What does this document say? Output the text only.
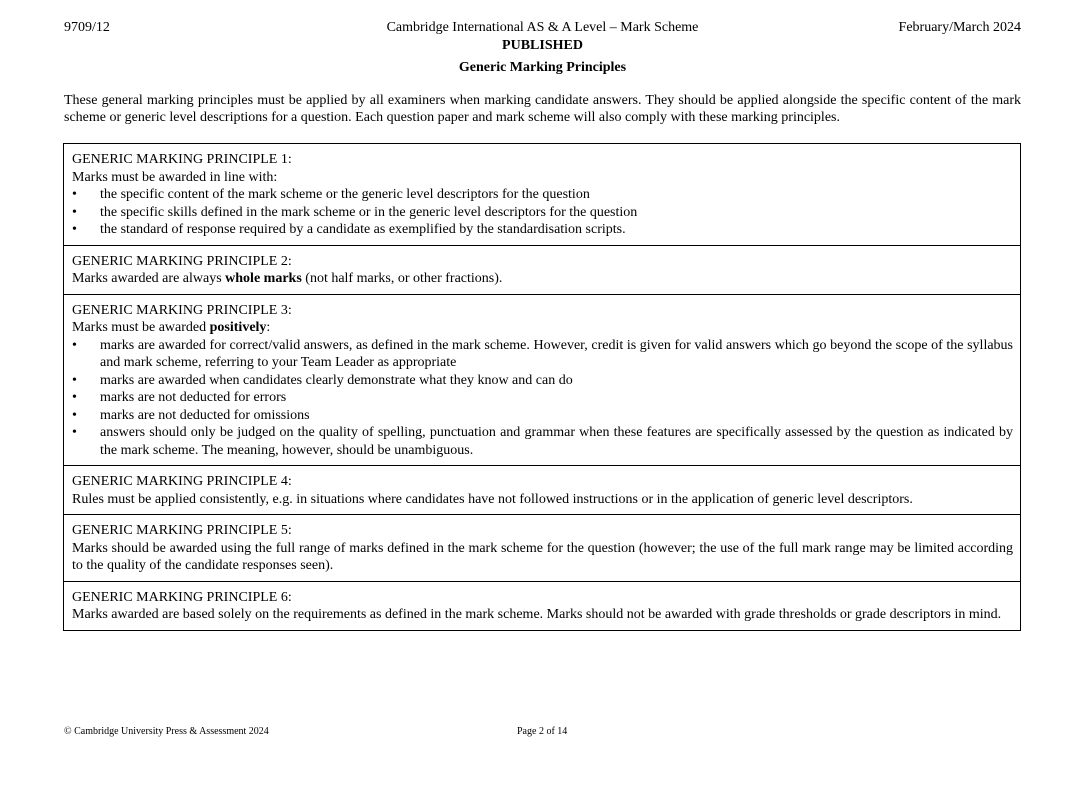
9709/12	Cambridge International AS & A Level – Mark Scheme	February/March 2024
PUBLISHED
Generic Marking Principles
These general marking principles must be applied by all examiners when marking candidate answers. They should be applied alongside the specific content of the mark scheme or generic level descriptions for a question. Each question paper and mark scheme will also comply with these marking principles.
GENERIC MARKING PRINCIPLE 1:
Marks must be awarded in line with:
• the specific content of the mark scheme or the generic level descriptors for the question
• the specific skills defined in the mark scheme or in the generic level descriptors for the question
• the standard of response required by a candidate as exemplified by the standardisation scripts.
GENERIC MARKING PRINCIPLE 2:
Marks awarded are always whole marks (not half marks, or other fractions).
GENERIC MARKING PRINCIPLE 3:
Marks must be awarded positively:
• marks are awarded for correct/valid answers, as defined in the mark scheme. However, credit is given for valid answers which go beyond the scope of the syllabus and mark scheme, referring to your Team Leader as appropriate
• marks are awarded when candidates clearly demonstrate what they know and can do
• marks are not deducted for errors
• marks are not deducted for omissions
• answers should only be judged on the quality of spelling, punctuation and grammar when these features are specifically assessed by the question as indicated by the mark scheme. The meaning, however, should be unambiguous.
GENERIC MARKING PRINCIPLE 4:
Rules must be applied consistently, e.g. in situations where candidates have not followed instructions or in the application of generic level descriptors.
GENERIC MARKING PRINCIPLE 5:
Marks should be awarded using the full range of marks defined in the mark scheme for the question (however; the use of the full mark range may be limited according to the quality of the candidate responses seen).
GENERIC MARKING PRINCIPLE 6:
Marks awarded are based solely on the requirements as defined in the mark scheme. Marks should not be awarded with grade thresholds or grade descriptors in mind.
© Cambridge University Press & Assessment 2024	Page 2 of 14
